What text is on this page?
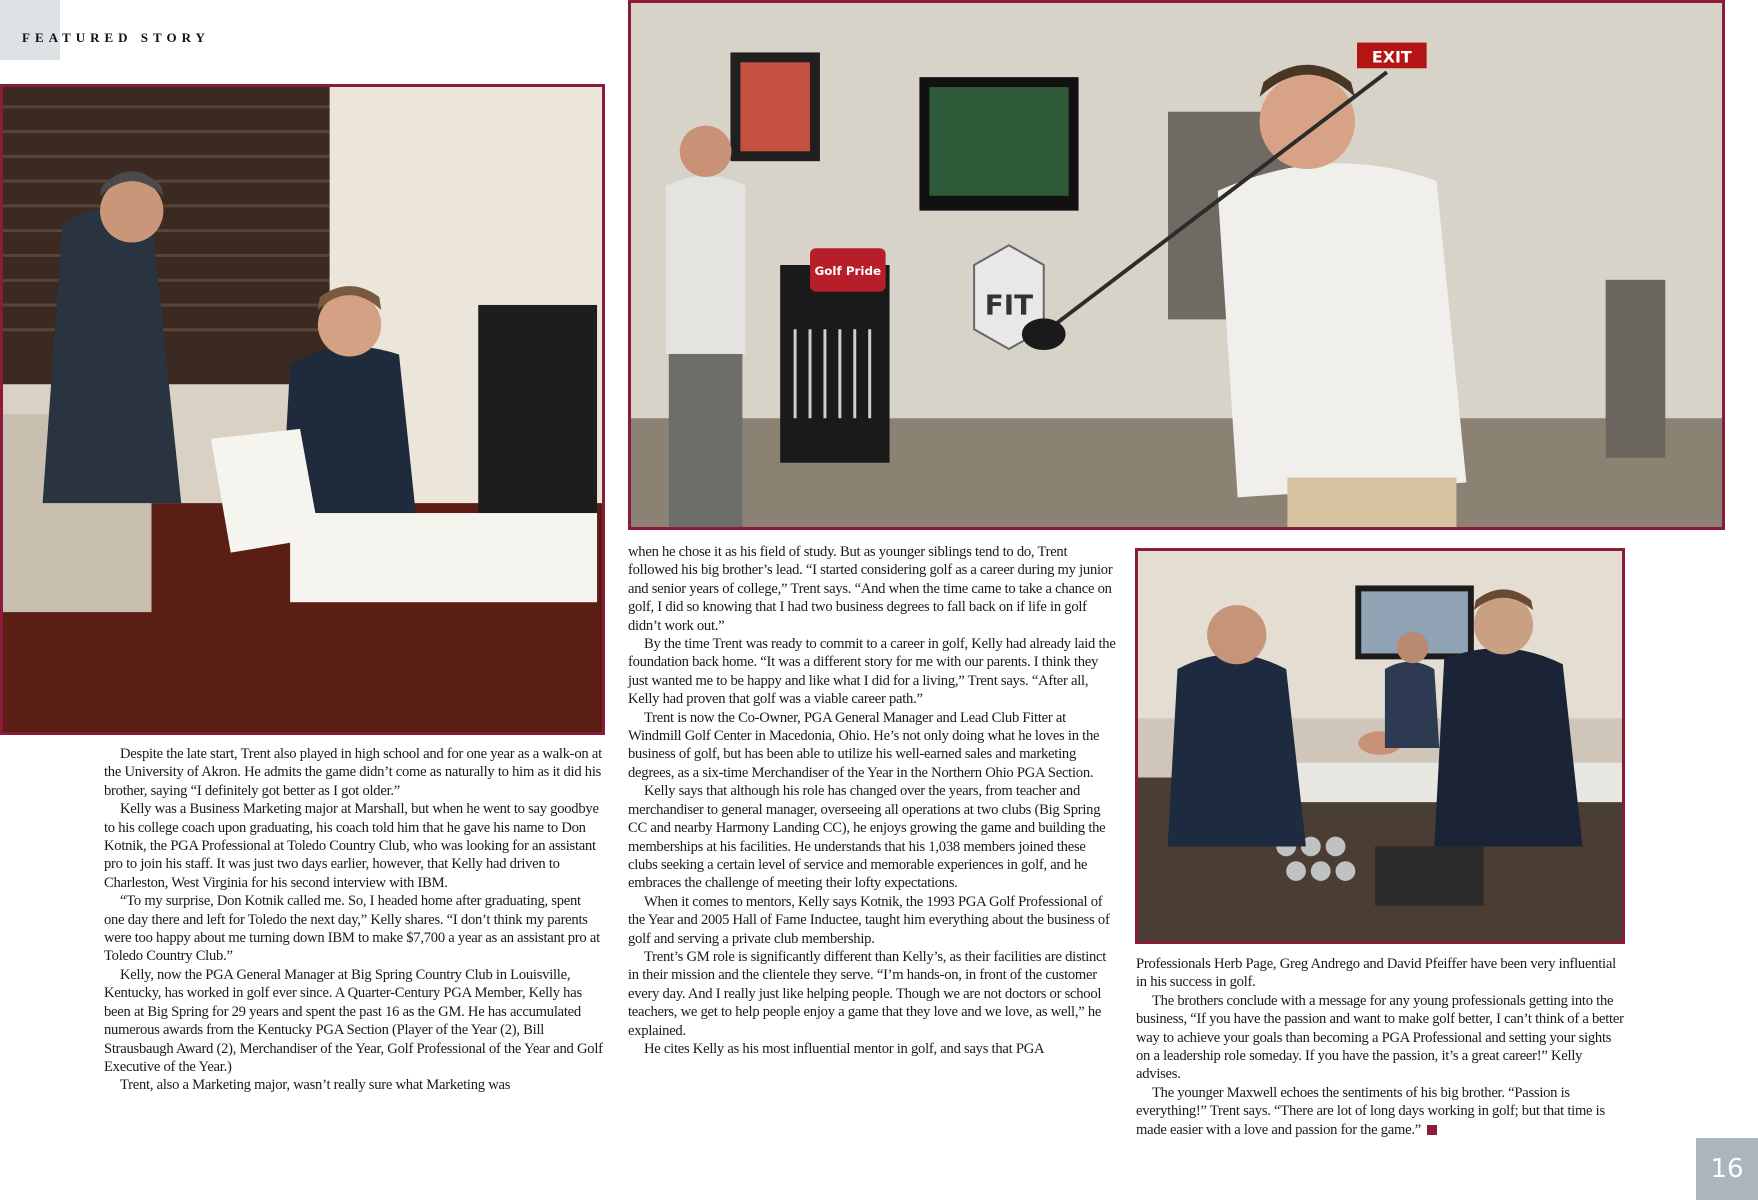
FEATURED STORY
Golf Pride
FIT
EXIT

Despite the late start, Trent also played in high school and for one year as a walk-on at the University of Akron. He admits the game didn’t come as naturally to him as it did his brother, saying “I definitely got better as I got older.”

Kelly was a Business Marketing major at Marshall, but when he went to say goodbye to his college coach upon graduating, his coach told him that he gave his name to Don Kotnik, the PGA Professional at Toledo Country Club, who was looking for an assistant pro to join his staff. It was just two days earlier, however, that Kelly had driven to Charleston, West Virginia for his second interview with IBM.

“To my surprise, Don Kotnik called me. So, I headed home after graduating, spent one day there and left for Toledo the next day,” Kelly shares. “I don’t think my parents were too happy about me turning down IBM to make $7,700 a year as an assistant pro at Toledo Country Club.”

Kelly, now the PGA General Manager at Big Spring Country Club in Louisville, Kentucky, has worked in golf ever since. A Quarter-Century PGA Member, Kelly has been at Big Spring for 29 years and spent the past 16 as the GM. He has accumulated numerous awards from the Kentucky PGA Section (Player of the Year (2), Bill Strausbaugh Award (2), Merchandiser of the Year, Golf Professional of the Year and Golf Executive of the Year.)

Trent, also a Marketing major, wasn’t really sure what Marketing was

when he chose it as his field of study. But as younger siblings tend to do, Trent followed his big brother’s lead. “I started considering golf as a career during my junior and senior years of college,” Trent says. “And when the time came to take a chance on golf, I did so knowing that I had two business degrees to fall back on if life in golf didn’t work out.”

By the time Trent was ready to commit to a career in golf, Kelly had already laid the foundation back home. “It was a different story for me with our parents. I think they just wanted me to be happy and like what I did for a living,” Trent says. “After all, Kelly had proven that golf was a viable career path.”

Trent is now the Co-Owner, PGA General Manager and Lead Club Fitter at Windmill Golf Center in Macedonia, Ohio. He’s not only doing what he loves in the business of golf, but has been able to utilize his well-earned sales and marketing degrees, as a six-time Merchandiser of the Year in the Northern Ohio PGA Section.

Kelly says that although his role has changed over the years, from teacher and merchandiser to general manager, overseeing all operations at two clubs (Big Spring CC and nearby Harmony Landing CC), he enjoys growing the game and building the memberships at his facilities. He understands that his 1,038 members joined these clubs seeking a certain level of service and memorable experiences in golf, and he embraces the challenge of meeting their lofty expectations.

When it comes to mentors, Kelly says Kotnik, the 1993 PGA Golf Professional of the Year and 2005 Hall of Fame Inductee, taught him everything about the business of golf and serving a private club membership.

Trent’s GM role is significantly different than Kelly’s, as their facilities are distinct in their mission and the clientele they serve. “I’m hands-on, in front of the customer every day. And I really just like helping people. Though we are not doctors or school teachers, we get to help people enjoy a game that they love and we love, as well,” he explained.

He cites Kelly as his most influential mentor in golf, and says that PGA

Professionals Herb Page, Greg Andrego and David Pfeiffer have been very influential in his success in golf.

The brothers conclude with a message for any young professionals getting into the business, “If you have the passion and want to make golf better, I can’t think of a better way to achieve your goals than becoming a PGA Professional and setting your sights on a leadership role someday. If you have the passion, it’s a great career!” Kelly advises.

The younger Maxwell echoes the sentiments of his big brother. “Passion is everything!” Trent says. “There are lot of long days working in golf; but that time is made easier with a love and passion for the game.”

16
